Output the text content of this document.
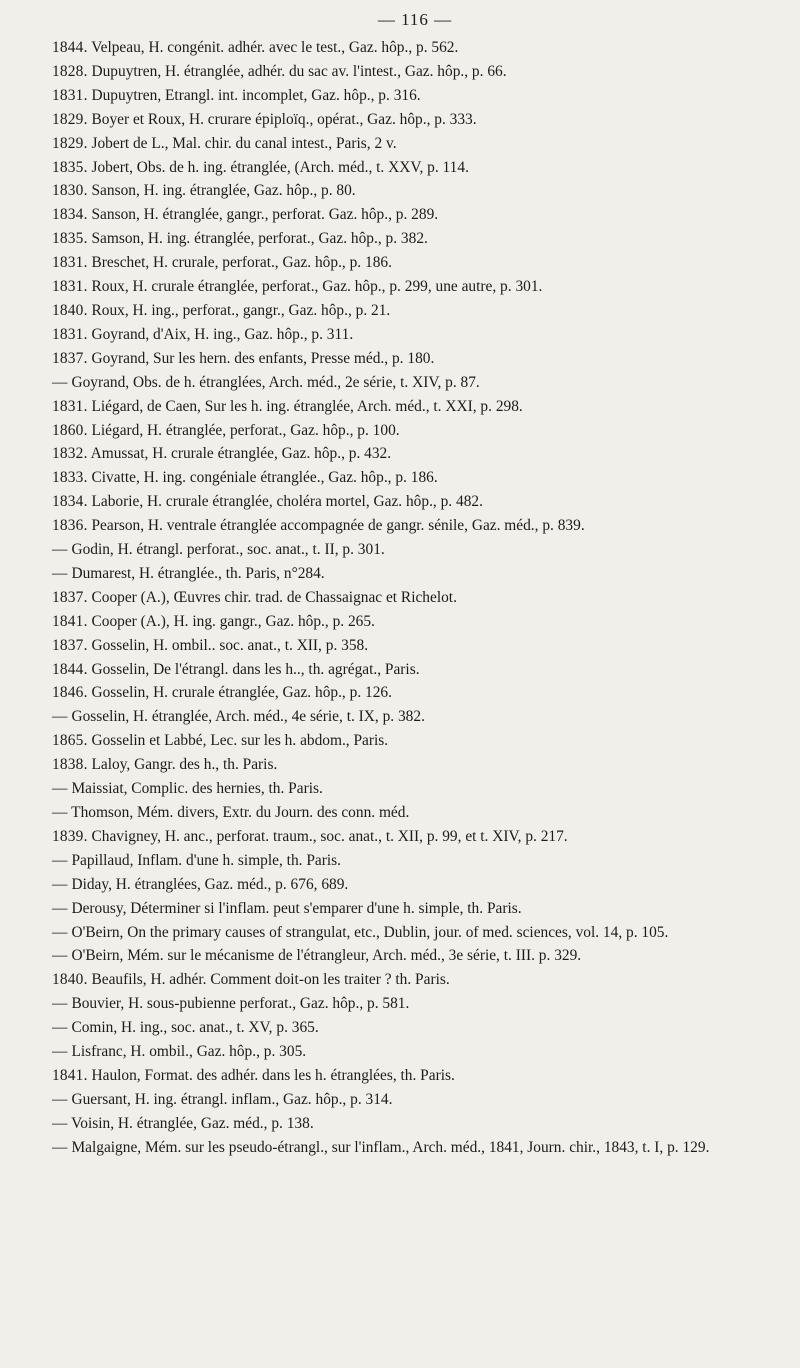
— 116 —
1844. Velpeau, H. congénit. adhér. avec le test., Gaz. hôp., p. 562.
1828. Dupuytren, H. étranglée, adhér. du sac av. l'intest., Gaz. hôp., p. 66.
1831. Dupuytren, Etrangl. int. incomplet, Gaz. hôp., p. 316.
1829. Boyer et Roux, H. crurare épiploïq., opérat., Gaz. hôp., p. 333.
1829. Jobert de L., Mal. chir. du canal intest., Paris, 2 v.
1835. Jobert, Obs. de h. ing. étranglée, (Arch. méd., t. XXV, p. 114.
1830. Sanson, H. ing. étranglée, Gaz. hôp., p. 80.
1834. Sanson, H. étranglée, gangr., perforat. Gaz. hôp., p. 289.
1835. Samson, H. ing. étranglée, perforat., Gaz. hôp., p. 382.
1831. Breschet, H. crurale, perforat., Gaz. hôp., p. 186.
1831. Roux, H. crurale étranglée, perforat., Gaz. hôp., p. 299, une autre, p. 301.
1840. Roux, H. ing., perforat., gangr., Gaz. hôp., p. 21.
1831. Goyrand, d'Aix, H. ing., Gaz. hôp., p. 311.
1837. Goyrand, Sur les hern. des enfants, Presse méd., p. 180.
— Goyrand, Obs. de h. étranglées, Arch. méd., 2e série, t. XIV, p. 87.
1831. Liégard, de Caen, Sur les h. ing. étranglée, Arch. méd., t. XXI, p. 298.
1860. Liégard, H. étranglée, perforat., Gaz. hôp., p. 100.
1832. Amussat, H. crurale étranglée, Gaz. hôp., p. 432.
1833. Civatte, H. ing. congéniale étranglée., Gaz. hôp., p. 186.
1834. Laborie, H. crurale étranglée, choléra mortel, Gaz. hôp., p. 482.
1836. Pearson, H. ventrale étranglée accompagnée de gangr. sénile, Gaz. méd., p. 839.
— Godin, H. étrangl. perforat., soc. anat., t. II, p. 301.
— Dumarest, H. étranglée., th. Paris, n°284.
1837. Cooper (A.), Œuvres chir. trad. de Chassaignac et Richelot.
1841. Cooper (A.), H. ing. gangr., Gaz. hôp., p. 265.
1837. Gosselin, H. ombil.. soc. anat., t. XII, p. 358.
1844. Gosselin, De l'étrangl. dans les h.., th. agrégat., Paris.
1846. Gosselin, H. crurale étranglée, Gaz. hôp., p. 126.
— Gosselin, H. étranglée, Arch. méd., 4e série, t. IX, p. 382.
1865. Gosselin et Labbé, Lec. sur les h. abdom., Paris.
1838. Laloy, Gangr. des h., th. Paris.
— Maissiat, Complic. des hernies, th. Paris.
— Thomson, Mém. divers, Extr. du Journ. des conn. méd.
1839. Chavigney, H. anc., perforat. traum., soc. anat., t. XII, p. 99, et t. XIV, p. 217.
— Papillaud, Inflam. d'une h. simple, th. Paris.
— Diday, H. étranglées, Gaz. méd., p. 676, 689.
— Derousy, Déterminer si l'inflam. peut s'emparer d'une h. simple, th. Paris.
— O'Beirn, On the primary causes of strangulat, etc., Dublin, jour. of med. sciences, vol. 14, p. 105.
— O'Beirn, Mém. sur le mécanisme de l'étrangleur, Arch. méd., 3e série, t. III. p. 329.
1840. Beaufils, H. adhér. Comment doit-on les traiter ? th. Paris.
— Bouvier, H. sous-pubienne perforat., Gaz. hôp., p. 581.
— Comin, H. ing., soc. anat., t. XV, p. 365.
— Lisfranc, H. ombil., Gaz. hôp., p. 305.
1841. Haulon, Format. des adhér. dans les h. étranglées, th. Paris.
— Guersant, H. ing. étrangl. inflam., Gaz. hôp., p. 314.
— Voisin, H. étranglée, Gaz. méd., p. 138.
— Malgaigne, Mém. sur les pseudo-étrangl., sur l'inflam., Arch. méd., 1841, Journ. chir., 1843, t. I, p. 129.
